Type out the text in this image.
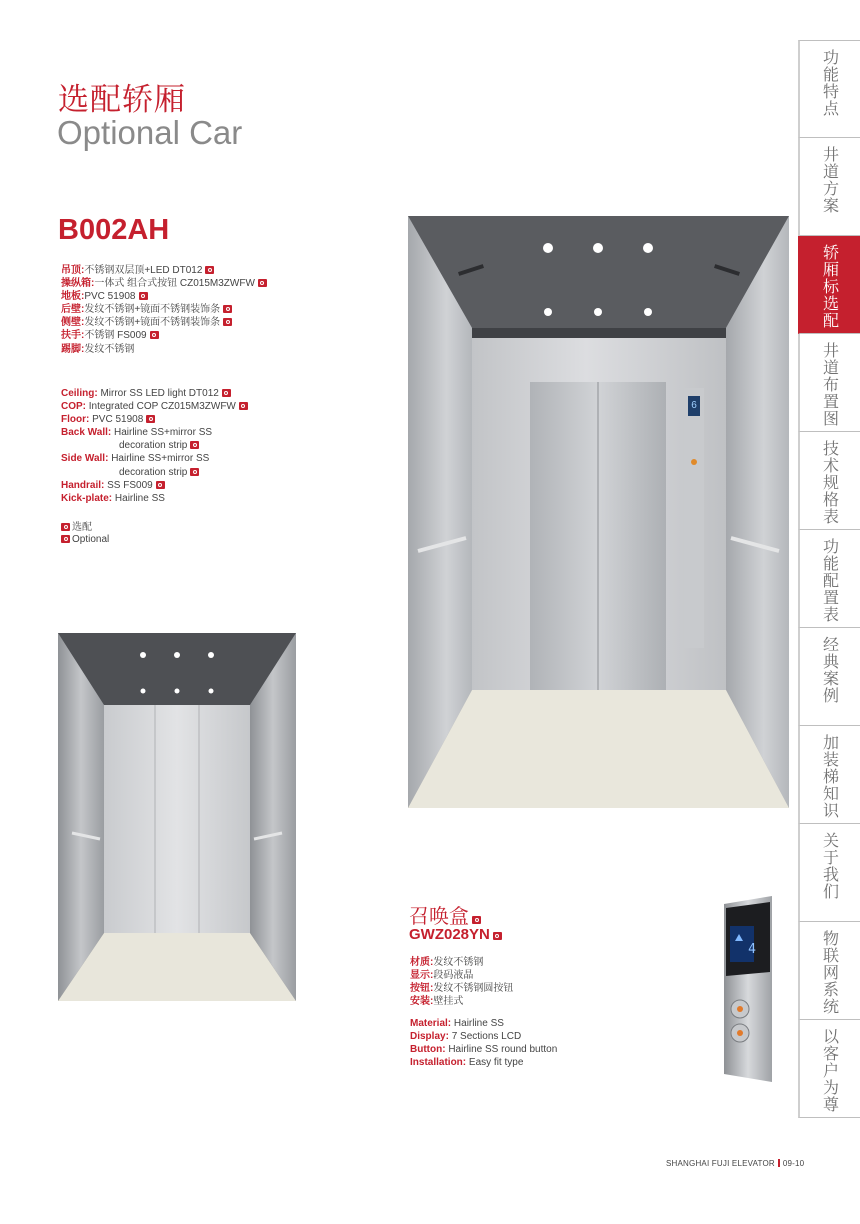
选配轿厢
Optional Car
B002AH
吊顶:不锈钢双层顶+LED DT012
操纵箱:一体式 组合式按钮 CZ015M3ZWFW
地板:PVC 51908
后壁:发纹不锈钢+镜面不锈钢装饰条
侧壁:发纹不锈钢+镜面不锈钢装饰条
扶手:不锈钢 FS009
踢脚:发纹不锈钢
Ceiling: Mirror SS LED light DT012
COP: Integrated COP CZ015M3ZWFW
Floor: PVC 51908
Back Wall: Hairline SS+mirror SS
decoration strip
Side Wall: Hairline SS+mirror SS
decoration strip
Handrail: SS FS009
Kick-plate: Hairline SS
选配
Optional
6
召唤盒
GWZ028YN
材质:发纹不锈钢
显示:段码液晶
按钮:发纹不锈钢圆按钮
安装:壁挂式
Material: Hairline SS
Display: 7 Sections LCD
Button: Hairline SS round button
Installation: Easy fit type
4
功能特点
井道方案
轿厢标选配
井道布置图
技术规格表
功能配置表
经典案例
加装梯知识
关于我们
物联网系统
以客户为尊
SHANGHAI FUJI ELEVATOR 09-10
